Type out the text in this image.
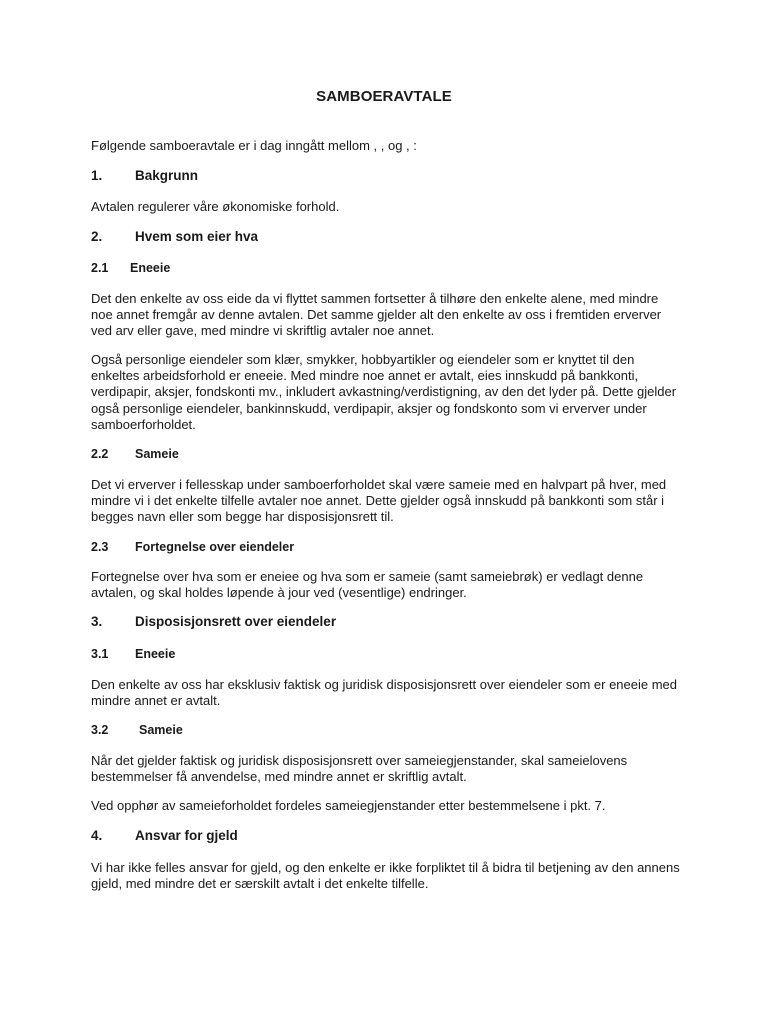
SAMBOERAVTALE
Følgende samboeravtale er i dag inngått mellom , , og , :
1. Bakgrunn
Avtalen regulerer våre økonomiske forhold.
2. Hvem som eier hva
2.1 Eneeie
Det den enkelte av oss eide da vi flyttet sammen fortsetter å tilhøre den enkelte alene, med mindre noe annet fremgår av denne avtalen. Det samme gjelder alt den enkelte av oss i fremtiden erverver ved arv eller gave, med mindre vi skriftlig avtaler noe annet.
Også personlige eiendeler som klær, smykker, hobbyartikler og eiendeler som er knyttet til den enkeltes arbeidsforhold er eneeie. Med mindre noe annet er avtalt, eies innskudd på bankkonti, verdipapir, aksjer, fondskonti mv., inkludert avkastning/verdistigning, av den det lyder på. Dette gjelder også personlige eiendeler, bankinnskudd, verdipapir, aksjer og fondskonto som vi erverver under samboerforholdet.
2.2 Sameie
Det vi erverver i fellesskap under samboerforholdet skal være sameie med en halvpart på hver, med mindre vi i det enkelte tilfelle avtaler noe annet. Dette gjelder også innskudd på bankkonti som står i begges navn eller som begge har disposisjonsrett til.
2.3 Fortegnelse over eiendeler
Fortegnelse over hva som er eneiee og hva som er sameie (samt sameiebrøk) er vedlagt denne avtalen, og skal holdes løpende à jour ved (vesentlige) endringer.
3. Disposisjonsrett over eiendeler
3.1 Eneeie
Den enkelte av oss har eksklusiv faktisk og juridisk disposisjonsrett over eiendeler som er eneeie med mindre annet er avtalt.
3.2 Sameie
Når det gjelder faktisk og juridisk disposisjonsrett over sameiegjenstander, skal sameielovens bestemmelser få anvendelse, med mindre annet er skriftlig avtalt.
Ved opphør av sameieforholdet fordeles sameiegjenstander etter bestemmelsene i pkt. 7.
4. Ansvar for gjeld
Vi har ikke felles ansvar for gjeld, og den enkelte er ikke forpliktet til å bidra til betjening av den annens gjeld, med mindre det er særskilt avtalt i det enkelte tilfelle.
